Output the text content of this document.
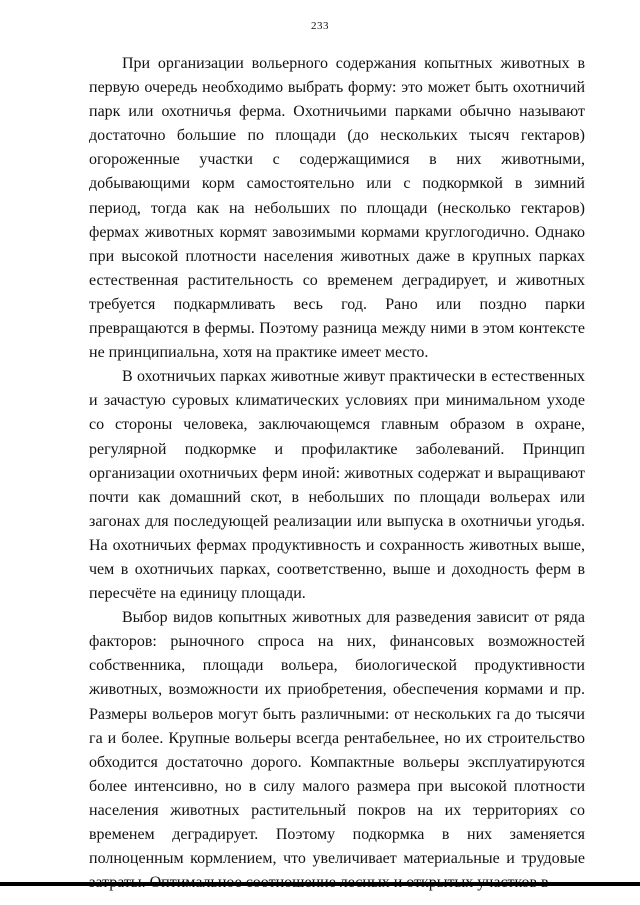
233

При организации вольерного содержания копытных животных в первую очередь необходимо выбрать форму: это может быть охотничий парк или охотничья ферма. Охотничьими парками обычно называют достаточно большие по площади (до нескольких тысяч гектаров) огороженные участки с содержащимися в них животными, добывающими корм самостоятельно или с подкормкой в зимний период, тогда как на небольших по площади (несколько гектаров) фермах животных кормят завозимыми кормами круглогодично. Однако при высокой плотности населения животных даже в крупных парках естественная растительность со временем деградирует, и животных требуется подкармливать весь год. Рано или поздно парки превращаются в фермы. Поэтому разница между ними в этом контексте не принципиальна, хотя на практике имеет место.

В охотничьих парках животные живут практически в естественных и зачастую суровых климатических условиях при минимальном уходе со стороны человека, заключающемся главным образом в охране, регулярной подкормке и профилактике заболеваний. Принцип организации охотничьих ферм иной: животных содержат и выращивают почти как домашний скот, в небольших по площади вольерах или загонах для последующей реализации или выпуска в охотничьи угодья. На охотничьих фермах продуктивность и сохранность животных выше, чем в охотничьих парках, соответственно, выше и доходность ферм в пересчёте на единицу площади.

Выбор видов копытных животных для разведения зависит от ряда факторов: рыночного спроса на них, финансовых возможностей собственника, площади вольера, биологической продуктивности животных, возможности их приобретения, обеспечения кормами и пр. Размеры вольеров могут быть различными: от нескольких га до тысячи га и более. Крупные вольеры всегда рентабельнее, но их строительство обходится достаточно дорого. Компактные вольеры эксплуатируются более интенсивно, но в силу малого размера при высокой плотности населения животных растительный покров на их территориях со временем деградирует. Поэтому подкормка в них заменяется полноценным кормлением, что увеличивает материальные и трудовые
